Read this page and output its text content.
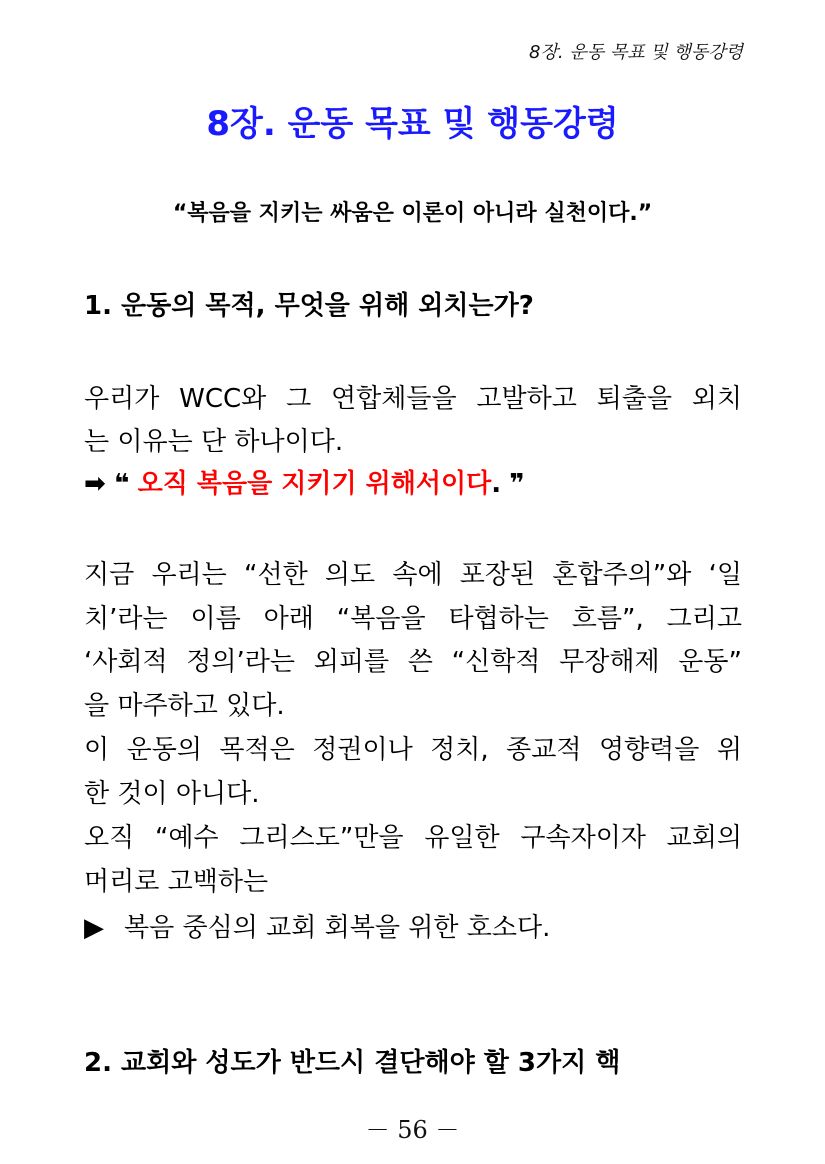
8장. 운동 목표 및 행동강령
8장. 운동 목표 및 행동강령
“복음을 지키는 싸움은 이론이 아니라 실천이다.”
1. 운동의 목적, 무엇을 위해 외치는가?
우리가 WCC와 그 연합체들을 고발하고 퇴출을 외치
는 이유는 단 하나이다.
➡ ❝ 오직 복음을 지키기 위해서이다. ❞
지금 우리는 “선한 의도 속에 포장된 혼합주의”와 ‘일
치’라는 이름 아래 “복음을 타협하는 흐름”, 그리고
‘사회적 정의’라는 외피를 쓴 “신학적 무장해제 운동”
을 마주하고 있다.
이 운동의 목적은 정권이나 정치, 종교적 영향력을 위
한 것이 아니다.
오직 “예수 그리스도”만을 유일한 구속자이자 교회의
머리로 고백하는
▶ 복음 중심의 교회 회복을 위한 호소다.
2. 교회와 성도가 반드시 결단해야 할 3가지 핵
－ 56 －
